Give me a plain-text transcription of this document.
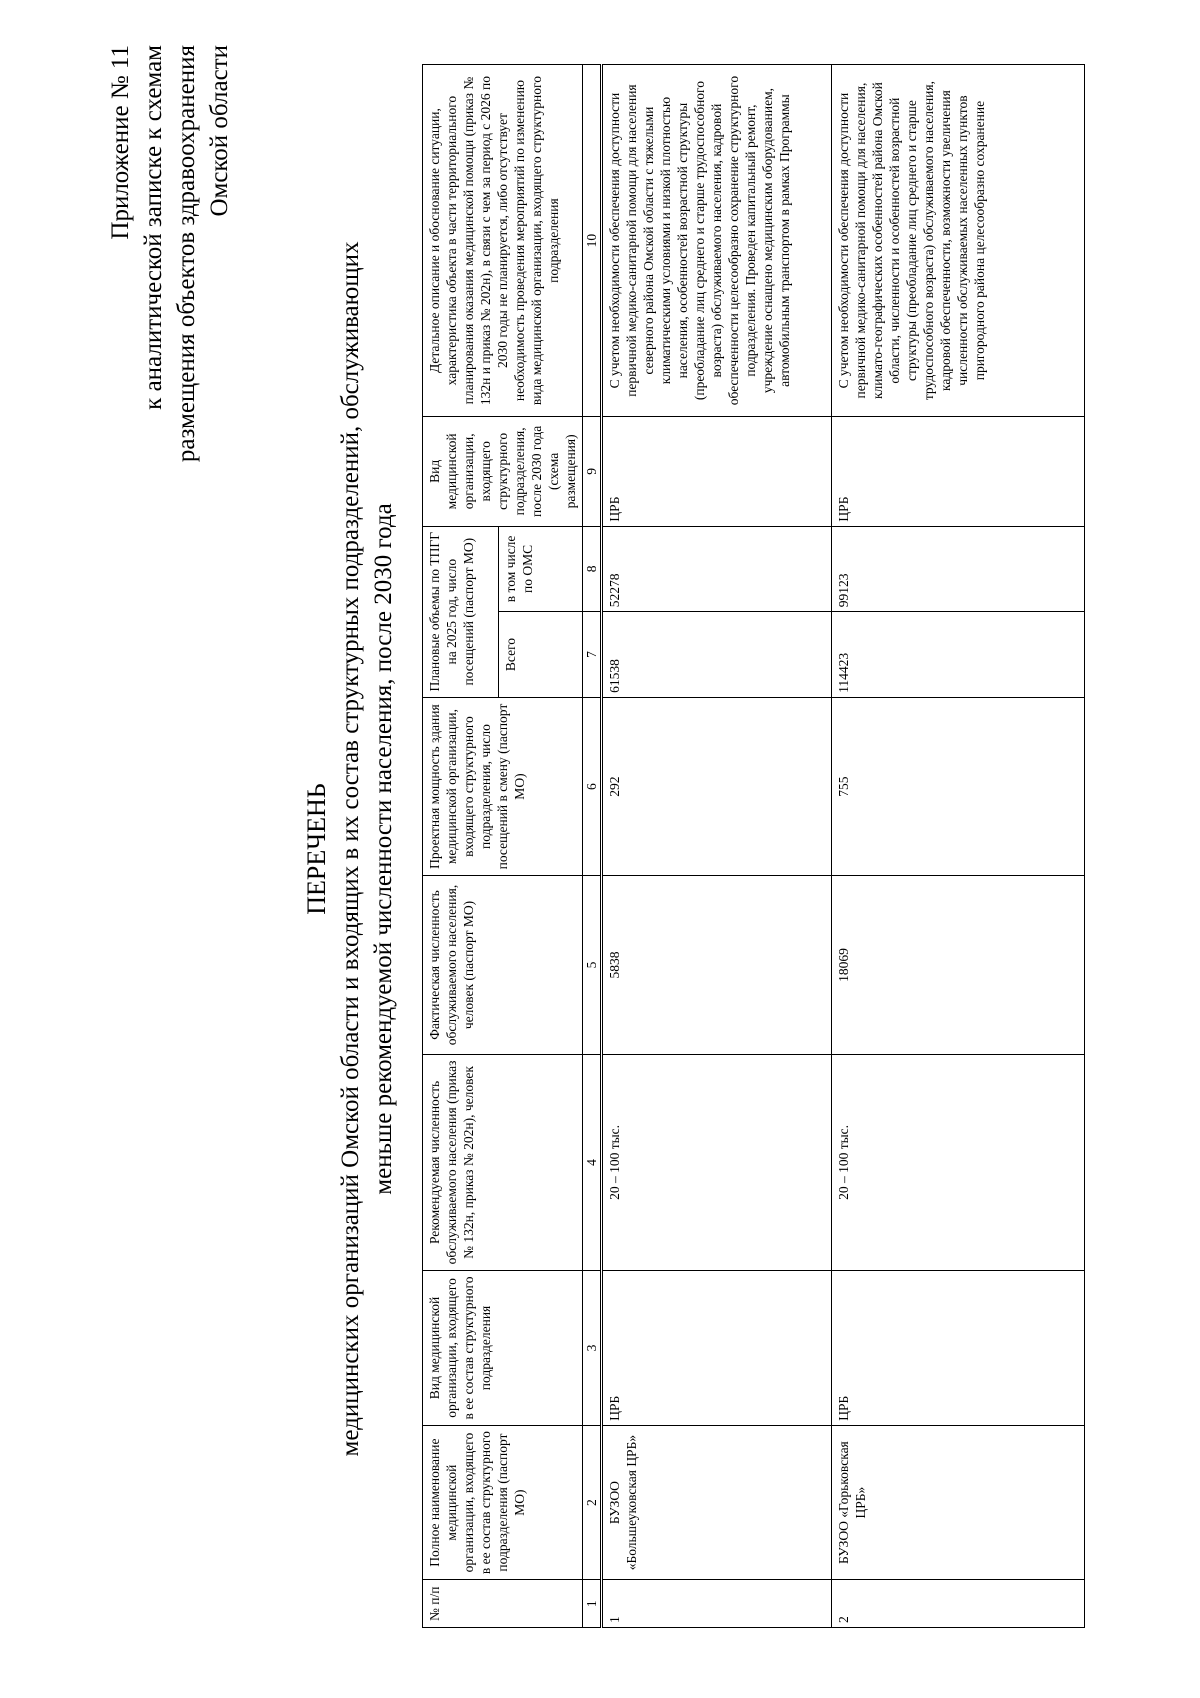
Приложение № 11 к аналитической записке к схемам размещения объектов здравоохранения Омской области
ПЕРЕЧЕНЬ медицинских организаций Омской области и входящих в их состав структурных подразделений, обслуживающих меньше рекомендуемой численности населения, после 2030 года
№ п/п	Полное наименование медицинской организации, входящего в ее состав структурного подразделения (паспорт МО)	Вид медицинской организации, входящего в ее состав структурного подразделения	Рекомендуемая численность обслуживаемого населения (приказ № 132н, приказ № 202н), человек	Фактическая численность обслуживаемого населения, человек (паспорт МО)	Проектная мощность здания медицинской организации, входящего структурного подразделения, число посещений в смену (паспорт МО)	Плановые объемы по ТПГГ на 2025 год, число посещений (паспорт МО)		Вид медицинской организации, входящего структурного подразделения, после 2030 года (схема размещения)	Детальное описание и обоснование ситуации, характеристика объекта в части территориального планирования оказания медицинской помощи (приказ № 132н и приказ № 202н), в связи с чем за период с 2026 по 2030 годы не планируется, либо отсутствует необходимость проведения мероприятий по изменению вида медицинской организации, входящего структурного подразделения
						Всего	в том числе по ОМС		
1	2	3	4	5	6	7	8	9	10
1	БУЗОО «Большеуковская ЦРБ»	ЦРБ	20 – 100 тыс.	5838	292	61538	52278	ЦРБ	С учетом необходимости обеспечения доступности первичной медико-санитарной помощи для населения северного района Омской области с тяжелыми климатическими условиями и низкой плотностью населения, особенностей возрастной структуры (преобладание лиц среднего и старше трудоспособного возраста) обслуживаемого населения, кадровой обеспеченности целесообразно сохранение структурного подразделения. Проведен капитальный ремонт, учреждение оснащено медицинским оборудованием, автомобильным транспортом в рамках Программы
2	БУЗОО «Горьковская ЦРБ»	ЦРБ	20 – 100 тыс.	18069	755	114423	99123	ЦРБ	С учетом необходимости обеспечения доступности первичной медико-санитарной помощи для населения, климато-географических особенностей района Омской области, численности и особенностей возрастной структуры (преобладание лиц среднего и старше трудоспособного возраста) обслуживаемого населения, кадровой обеспеченности, возможности увеличения численности обслуживаемых населенных пунктов пригородного района целесообразно сохранение
